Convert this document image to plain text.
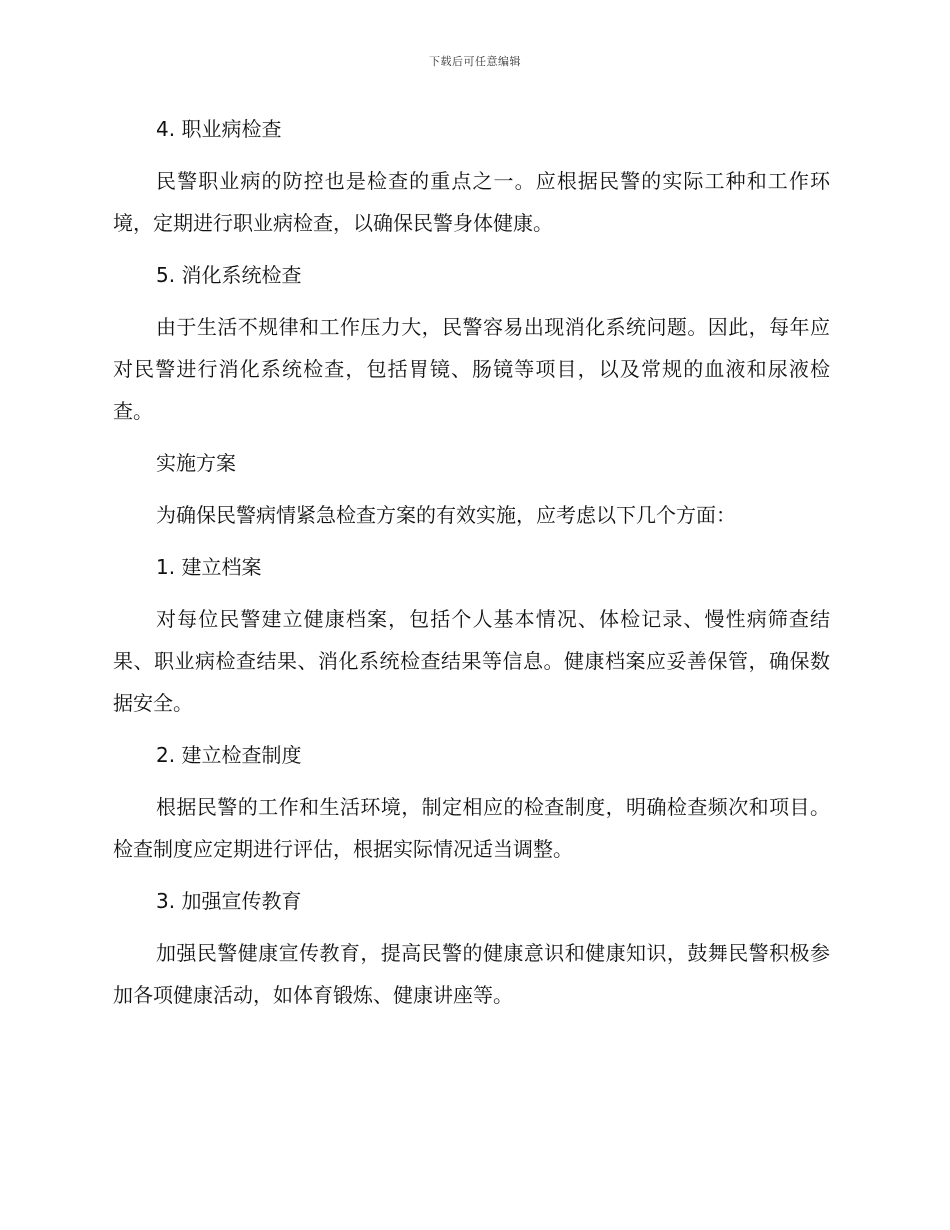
下载后可任意编辑
4. 职业病检查
民警职业病的防控也是检查的重点之一。应根据民警的实际工种和工作环境，定期进行职业病检查，以确保民警身体健康。
5. 消化系统检查
由于生活不规律和工作压力大，民警容易出现消化系统问题。因此，每年应对民警进行消化系统检查，包括胃镜、肠镜等项目，以及常规的血液和尿液检查。
实施方案
为确保民警病情紧急检查方案的有效实施，应考虑以下几个方面：
1. 建立档案
对每位民警建立健康档案，包括个人基本情况、体检记录、慢性病筛查结果、职业病检查结果、消化系统检查结果等信息。健康档案应妥善保管，确保数据安全。
2. 建立检查制度
根据民警的工作和生活环境，制定相应的检查制度，明确检查频次和项目。检查制度应定期进行评估，根据实际情况适当调整。
3. 加强宣传教育
加强民警健康宣传教育，提高民警的健康意识和健康知识，鼓舞民警积极参加各项健康活动，如体育锻炼、健康讲座等。
